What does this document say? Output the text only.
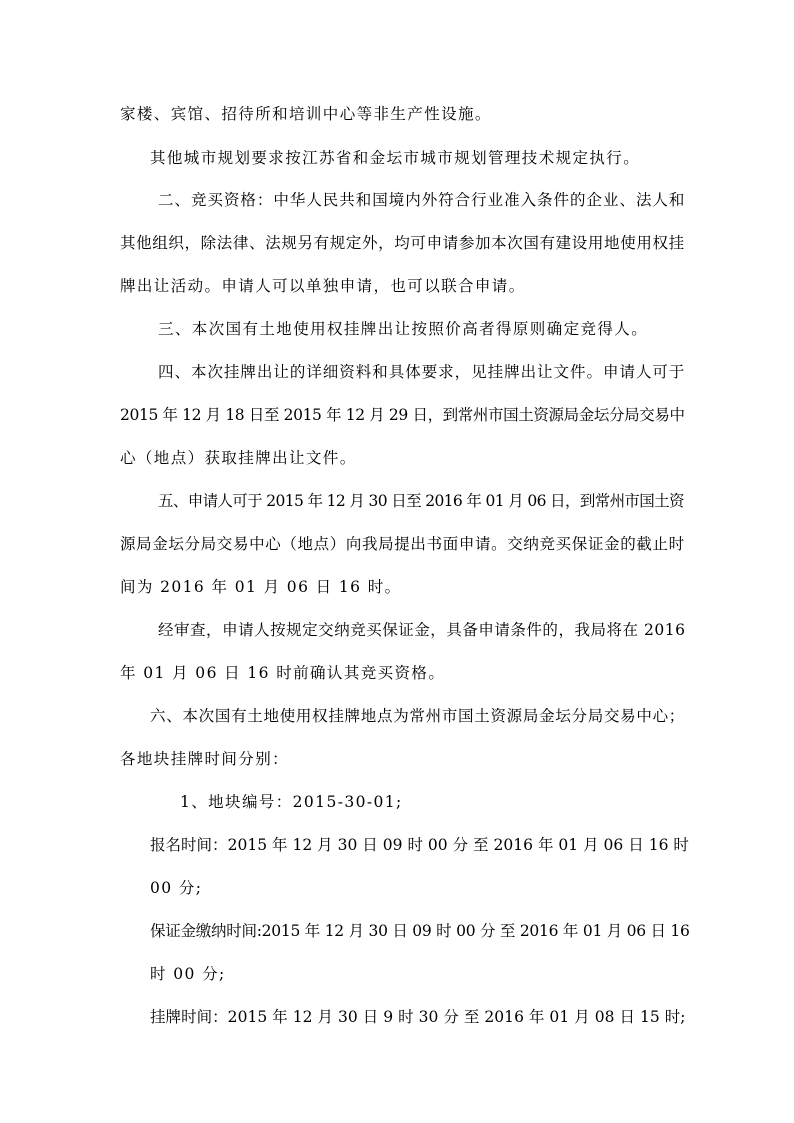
家楼、宾馆、招待所和培训中心等非生产性设施。
其他城市规划要求按江苏省和金坛市城市规划管理技术规定执行。
二、竞买资格：中华人民共和国境内外符合行业准入条件的企业、法人和
其他组织，除法律、法规另有规定外，均可申请参加本次国有建设用地使用权挂
牌出让活动。申请人可以单独申请，也可以联合申请。
三、本次国有土地使用权挂牌出让按照价高者得原则确定竞得人。
四、本次挂牌出让的详细资料和具体要求，见挂牌出让文件。申请人可于
2015 年 12 月 18 日至 2015 年 12 月 29 日，到常州市国土资源局金坛分局交易中
心（地点）获取挂牌出让文件。
五、申请人可于 2015 年 12 月 30 日至 2016 年 01 月 06 日，到常州市国土资
源局金坛分局交易中心（地点）向我局提出书面申请。交纳竞买保证金的截止时
间为 2016 年 01 月 06 日 16 时。
经审查，申请人按规定交纳竞买保证金，具备申请条件的，我局将在 2016
年 01 月 06 日 16 时前确认其竞买资格。
六、本次国有土地使用权挂牌地点为常州市国土资源局金坛分局交易中心；
各地块挂牌时间分别：
1、地块编号：2015-30-01;
报名时间：2015 年 12 月 30 日 09 时 00 分 至 2016 年 01 月 06 日 16 时
00 分;
保证金缴纳时间:2015 年 12 月 30 日 09 时 00 分 至 2016 年 01 月 06 日 16
时 00 分;
挂牌时间：2015 年 12 月 30 日 9 时 30 分 至 2016 年 01 月 08 日 15 时;
